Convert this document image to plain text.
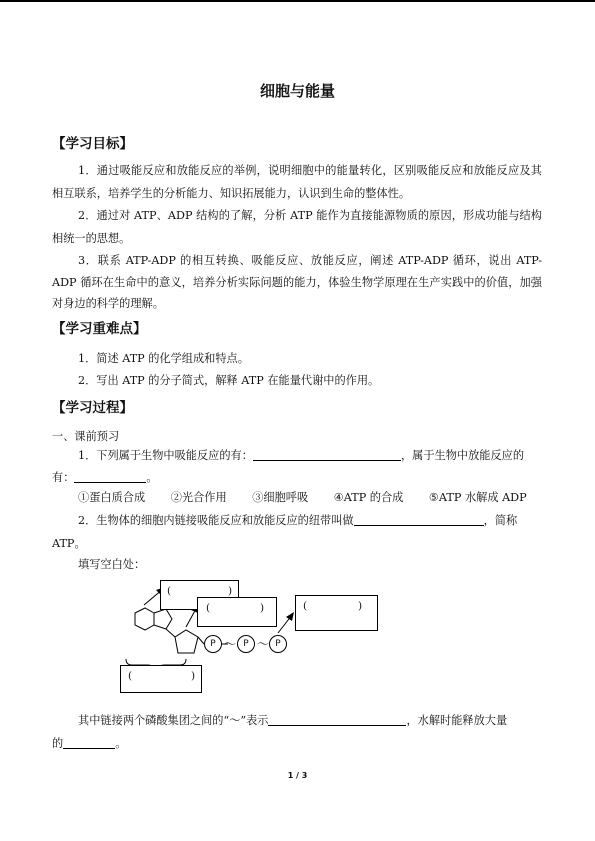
细胞与能量
【学习目标】
1．通过吸能反应和放能反应的举例，说明细胞中的能量转化，区别吸能反应和放能反应及其相互联系，培养学生的分析能力、知识拓展能力，认识到生命的整体性。
2．通过对 ATP、ADP 结构的了解，分析 ATP 能作为直接能源物质的原因，形成功能与结构相统一的思想。
3．联系 ATP-ADP 的相互转换、吸能反应、放能反应，阐述 ATP-ADP 循环，说出 ATP-ADP 循环在生命中的意义，培养分析实际问题的能力，体验生物学原理在生产实践中的价值，加强对身边的科学的理解。
【学习重难点】
1．简述 ATP 的化学组成和特点。
2．写出 ATP 的分子简式，解释 ATP 在能量代谢中的作用。
【学习过程】
一、课前预习
1．下列属于生物中吸能反应的有：	，属于生物中放能反应的
有：	。
①蛋白质合成 ②光合作用 ③细胞呼吸 ④ATP 的合成 ⑤ATP 水解成 ADP
2．生物体的细胞内链接吸能反应和放能反应的纽带叫做	，简称
ATP。
填写空白处：
(	)
(	)	(	)
(	)
P ～ P ～ P
其中链接两个磷酸集团之间的“～”表示	，水解时能释放大量
的	。
1 / 3
